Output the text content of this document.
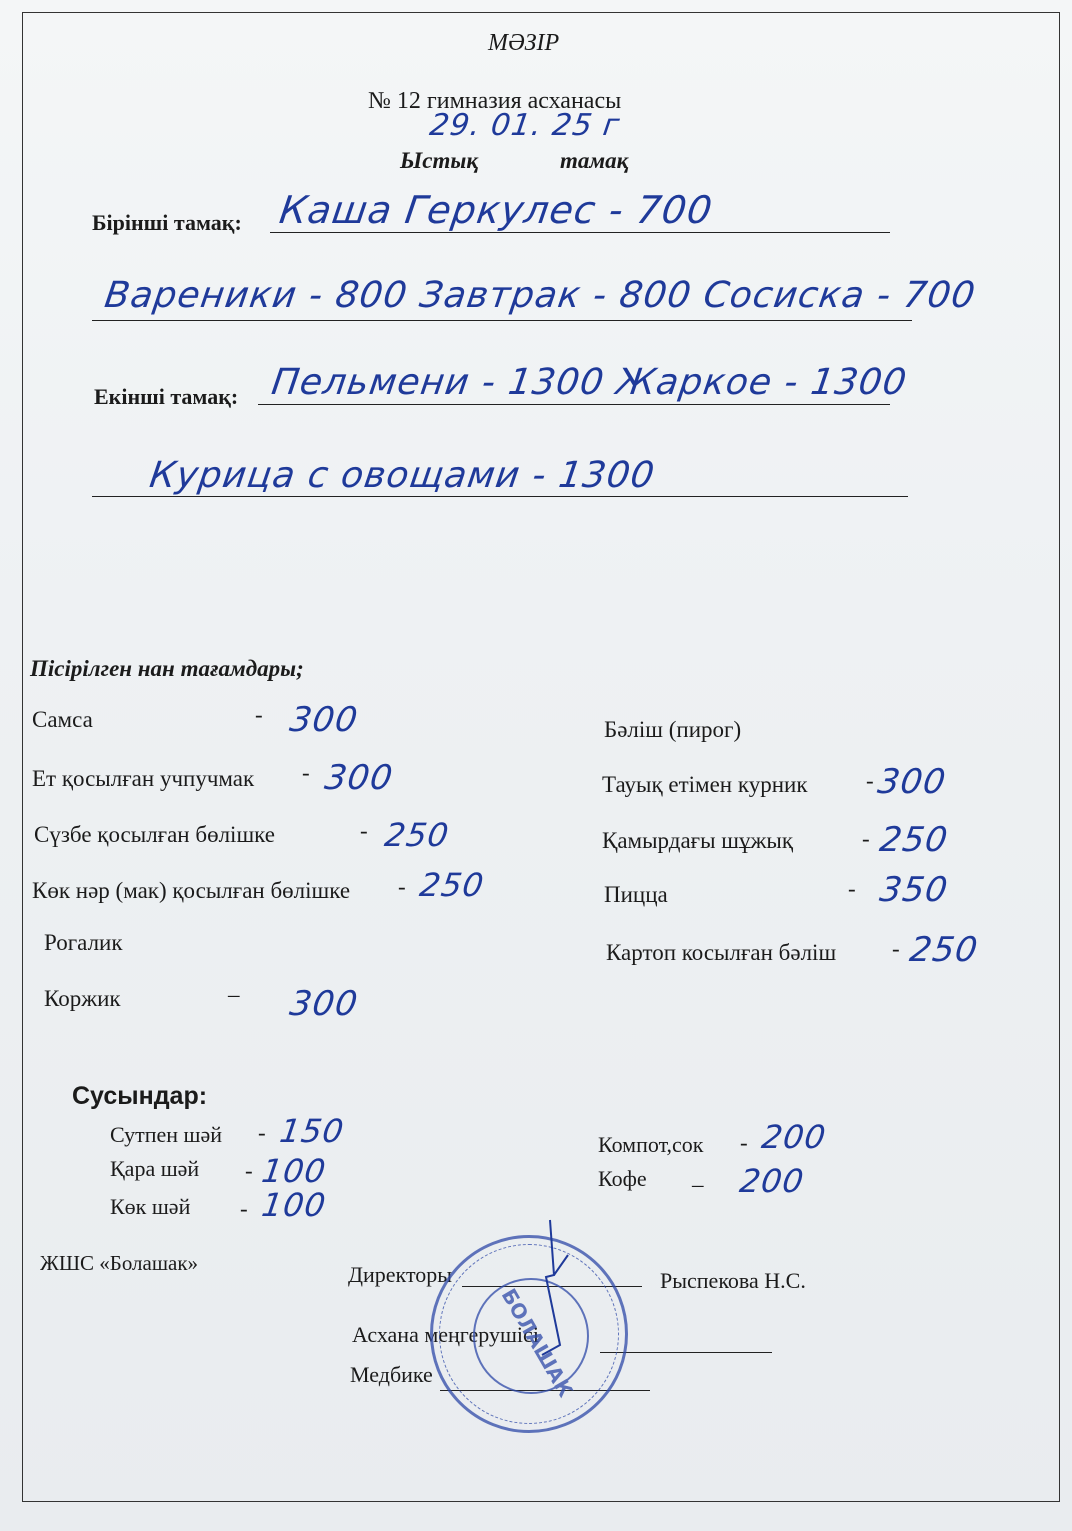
МӘЗІР
№ 12 гимназия асханасы
29. 01. 25 г
Ыстық	тамақ
Бірінші тамақ: Каша Геркулес - 700
Вареники - 800 Завтрак - 800 Сосиска - 700
Екінші тамақ: Пельмени - 1300 Жаркое - 1300
Курица с овощами - 1300
Пісірілген нан тағамдары;
Самса	- 300
Ет қосылған учпучмак - 300
Сүзбе қосылған бөлішке	- 250
Көк нәр (мак) қосылған бөлішке - 250
Рогалик
Коржик	– 300
Бәліш (пирог)
Тауық етімен курник	- 300
Қамырдағы шұжық	- 250
Пицца	- 350
Картоп косылған бәліш - 250
Сусындар:
Сутпен шәй - 150
Қара шәй - 100
Көк шәй - 100
Компот,сок - 200
Кофе – 200
ЖШС «Болашак»	Директоры	Рыспекова Н.С.
Асхана меңгерушісі
Медбике	БОЛАШАК
